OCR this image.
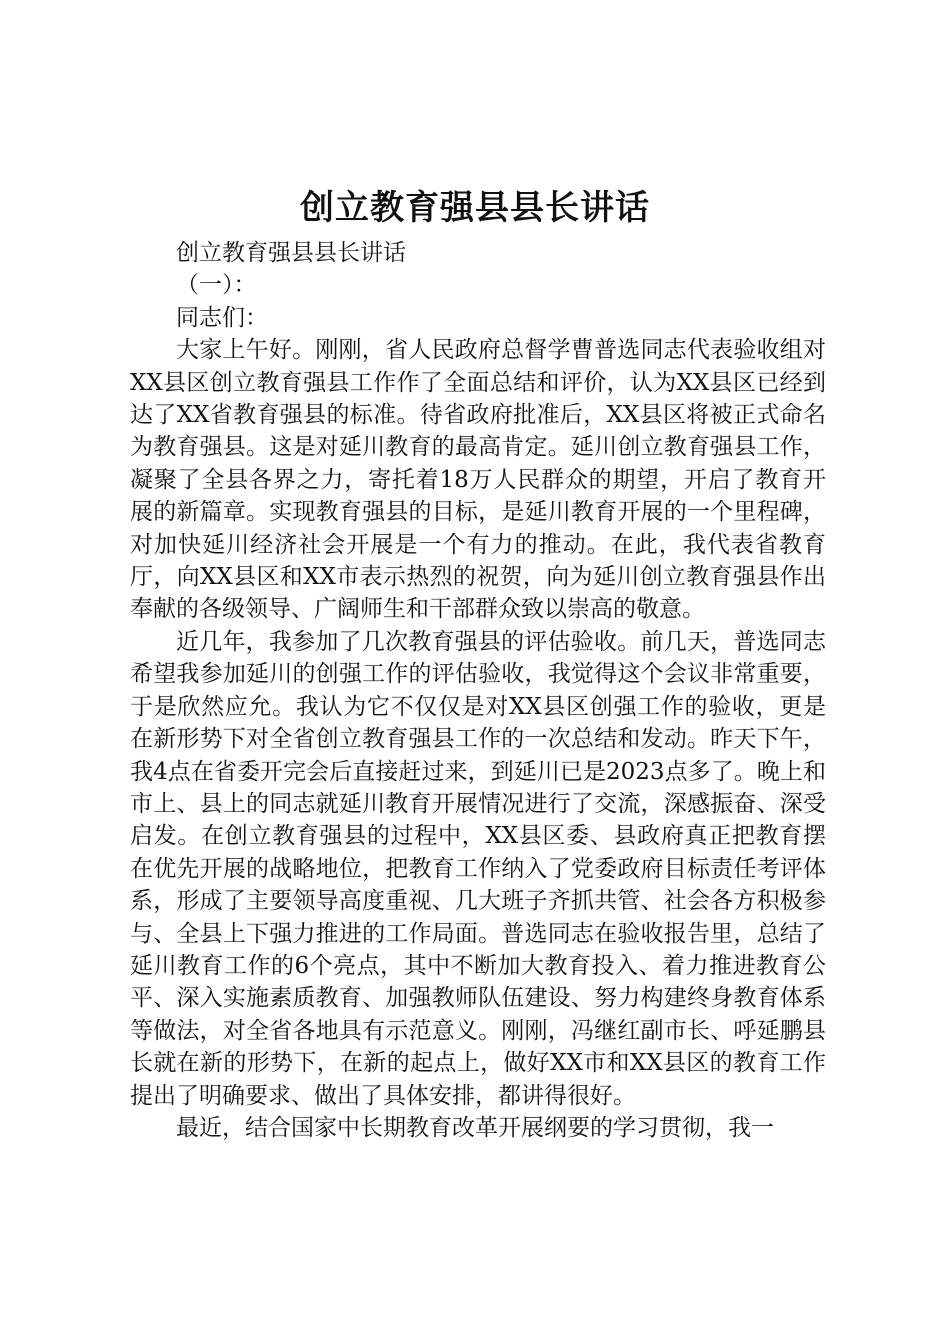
创立教育强县县长讲话

创立教育强县县长讲话

（一）：

同志们：

大家上午好。刚刚，省人民政府总督学曹普选同志代表验收组对XX县区创立教育强县工作作了全面总结和评价，认为XX县区已经到达了XX省教育强县的标准。待省政府批准后，XX县区将被正式命名为教育强县。这是对延川教育的最高肯定。延川创立教育强县工作，凝聚了全县各界之力，寄托着18万人民群众的期望，开启了教育开展的新篇章。实现教育强县的目标，是延川教育开展的一个里程碑，对加快延川经济社会开展是一个有力的推动。在此，我代表省教育厅，向XX县区和XX市表示热烈的祝贺，向为延川创立教育强县作出奉献的各级领导、广阔师生和干部群众致以崇高的敬意。

近几年，我参加了几次教育强县的评估验收。前几天，普选同志希望我参加延川的创强工作的评估验收，我觉得这个会议非常重要，于是欣然应允。我认为它不仅仅是对XX县区创强工作的验收，更是在新形势下对全省创立教育强县工作的一次总结和发动。昨天下午，我4点在省委开完会后直接赶过来，到延川已是2023点多了。晚上和市上、县上的同志就延川教育开展情况进行了交流，深感振奋、深受启发。在创立教育强县的过程中，XX县区委、县政府真正把教育摆在优先开展的战略地位，把教育工作纳入了党委政府目标责任考评体系，形成了主要领导高度重视、几大班子齐抓共管、社会各方积极参与、全县上下强力推进的工作局面。普选同志在验收报告里，总结了延川教育工作的6个亮点，其中不断加大教育投入、着力推进教育公平、深入实施素质教育、加强教师队伍建设、努力构建终身教育体系等做法，对全省各地具有示范意义。刚刚，冯继红副市长、呼延鹏县长就在新的形势下，在新的起点上，做好XX市和XX县区的教育工作提出了明确要求、做出了具体安排，都讲得很好。

最近，结合国家中长期教育改革开展纲要的学习贯彻，我一
